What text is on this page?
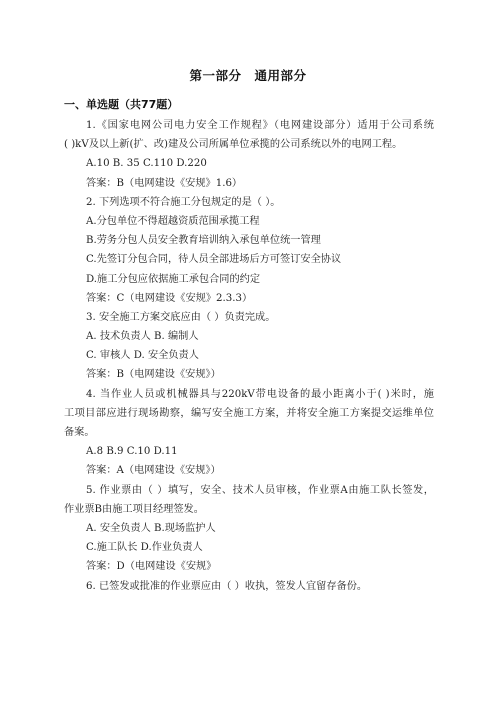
第一部分　通用部分
一、单选题（共77题）
1.《国家电网公司电力安全工作规程》（电网建设部分）适用于公司系统
( )kV及以上新(扩、改)建及公司所属单位承揽的公司系统以外的电网工程。
A.10 B. 35 C.110 D.220
答案：B（电网建设《安规》1.6）
2. 下列选项不符合施工分包规定的是（ ）。
A.分包单位不得超越资质范围承揽工程
B.劳务分包人员安全教育培训纳入承包单位统一管理
C.先签订分包合同，待人员全部进场后方可签订安全协议
D.施工分包应依据施工承包合同的约定
答案：C（电网建设《安规》2.3.3）
3. 安全施工方案交底应由（ ）负责完成。
A. 技术负责人 B. 编制人
C. 审核人 D. 安全负责人
答案：B（电网建设《安规》）
4. 当作业人员或机械器具与220kV带电设备的最小距离小于( )米时，施
工项目部应进行现场勘察，编写安全施工方案，并将安全施工方案提交运维单位
备案。
A.8 B.9 C.10 D.11
答案：A（电网建设《安规》）
5. 作业票由（ ）填写，安全、技术人员审核，作业票A由施工队长签发，
作业票B由施工项目经理签发。
A. 安全负责人 B.现场监护人
C.施工队长 D.作业负责人
答案：D（电网建设《安规》
6. 已签发或批准的作业票应由（ ）收执，签发人宜留存备份。
